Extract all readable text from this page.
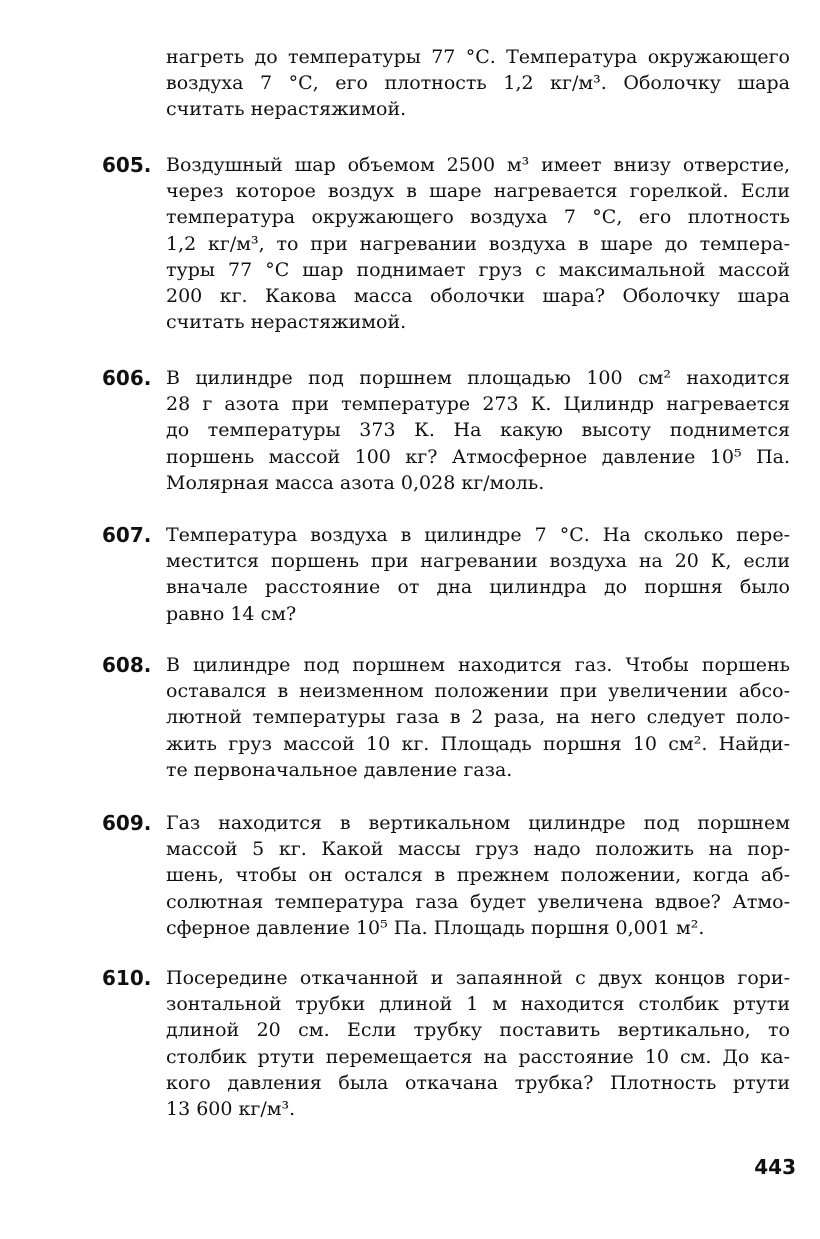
нагреть до температуры 77 °С. Температура окружающего
воздуха 7 °С, его плотность 1,2 кг/м³. Оболочку шара
считать нерастяжимой.
605. Воздушный шар объемом 2500 м³ имеет внизу отверстие,
через которое воздух в шаре нагревается горелкой. Если
температура окружающего воздуха 7 °С, его плотность
1,2 кг/м³, то при нагревании воздуха в шаре до темпера-
туры 77 °С шар поднимает груз с максимальной массой
200 кг. Какова масса оболочки шара? Оболочку шара
считать нерастяжимой.
606. В цилиндре под поршнем площадью 100 см² находится
28 г азота при температуре 273 К. Цилиндр нагревается
до температуры 373 К. На какую высоту поднимется
поршень массой 100 кг? Атмосферное давление 10⁵ Па.
Молярная масса азота 0,028 кг/моль.
607. Температура воздуха в цилиндре 7 °С. На сколько пере-
местится поршень при нагревании воздуха на 20 К, если
вначале расстояние от дна цилиндра до поршня было
равно 14 см?
608. В цилиндре под поршнем находится газ. Чтобы поршень
оставался в неизменном положении при увеличении абсо-
лютной температуры газа в 2 раза, на него следует поло-
жить груз массой 10 кг. Площадь поршня 10 см². Найди-
те первоначальное давление газа.
609. Газ находится в вертикальном цилиндре под поршнем
массой 5 кг. Какой массы груз надо положить на пор-
шень, чтобы он остался в прежнем положении, когда аб-
солютная температура газа будет увеличена вдвое? Атмо-
сферное давление 10⁵ Па. Площадь поршня 0,001 м².
610. Посередине откачанной и запаянной с двух концов гори-
зонтальной трубки длиной 1 м находится столбик ртути
длиной 20 см. Если трубку поставить вертикально, то
столбик ртути перемещается на расстояние 10 см. До ка-
кого давления была откачана трубка? Плотность ртути
13 600 кг/м³.
443
